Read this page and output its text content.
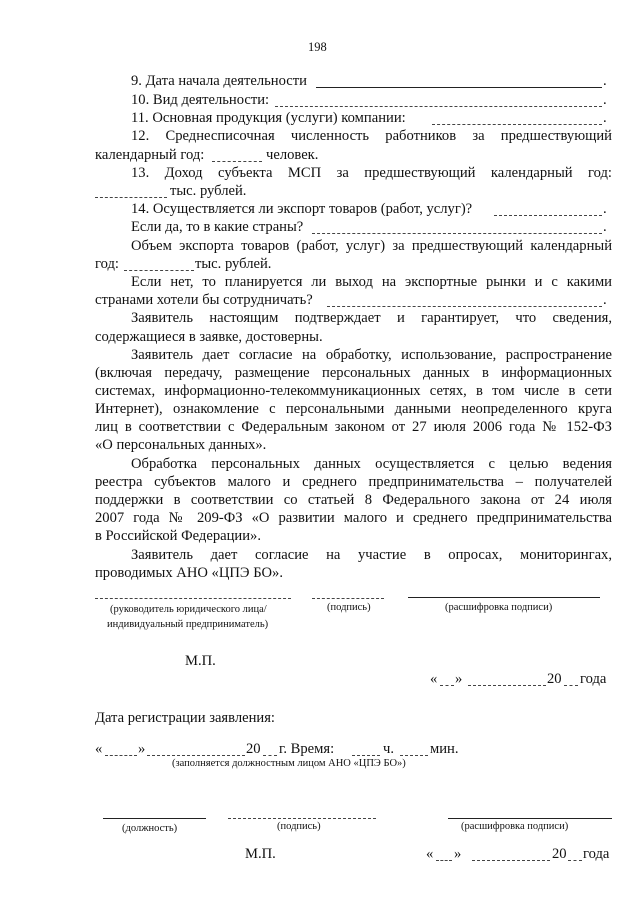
198
9. Дата начала деятельности	.
10. Вид деятельности:	.
11. Основная продукция (услуги) компании:	.
12. Среднесписочная численность работников за предшествующий
календарный год:	человек.
13. Доход субъекта МСП за предшествующий календарный год:
тыс. рублей.
14. Осуществляется ли экспорт товаров (работ, услуг)?	.
Если да, то в какие страны?	.
Объем экспорта товаров (работ, услуг) за предшествующий календарный
год:	тыс. рублей.
Если нет, то планируется ли выход на экспортные рынки и с какими
странами хотели бы сотрудничать?	.
Заявитель настоящим подтверждает и гарантирует, что сведения,
содержащиеся в заявке, достоверны.
Заявитель дает согласие на обработку, использование, распространение
(включая передачу, размещение персональных данных в информационных
системах, информационно-телекоммуникационных сетях, в том числе в сети
Интернет), ознакомление с персональными данными неопределенного круга
лиц в соответствии с Федеральным законом от 27 июля 2006 года № 152-ФЗ
«О персональных данных».
Обработка персональных данных осуществляется с целью ведения
реестра субъектов малого и среднего предпринимательства – получателей
поддержки в соответствии со статьей 8 Федерального закона от 24 июля
2007 года № 209-ФЗ «О развитии малого и среднего предпринимательства
в Российской Федерации».
Заявитель дает согласие на участие в опросах, мониторингах,
проводимых АНО «ЦПЭ БО».
(руководитель юридического лица/
индивидуальный предприниматель)
(подпись)	(расшифровка подписи)
М.П.
« »	20 года
Дата регистрации заявления:
« »	20 г. Время:	ч. мин.
(заполняется должностным лицом АНО «ЦПЭ БО»)
(должность)	(подпись)	(расшифровка подписи)
М.П.	« »	20 года
